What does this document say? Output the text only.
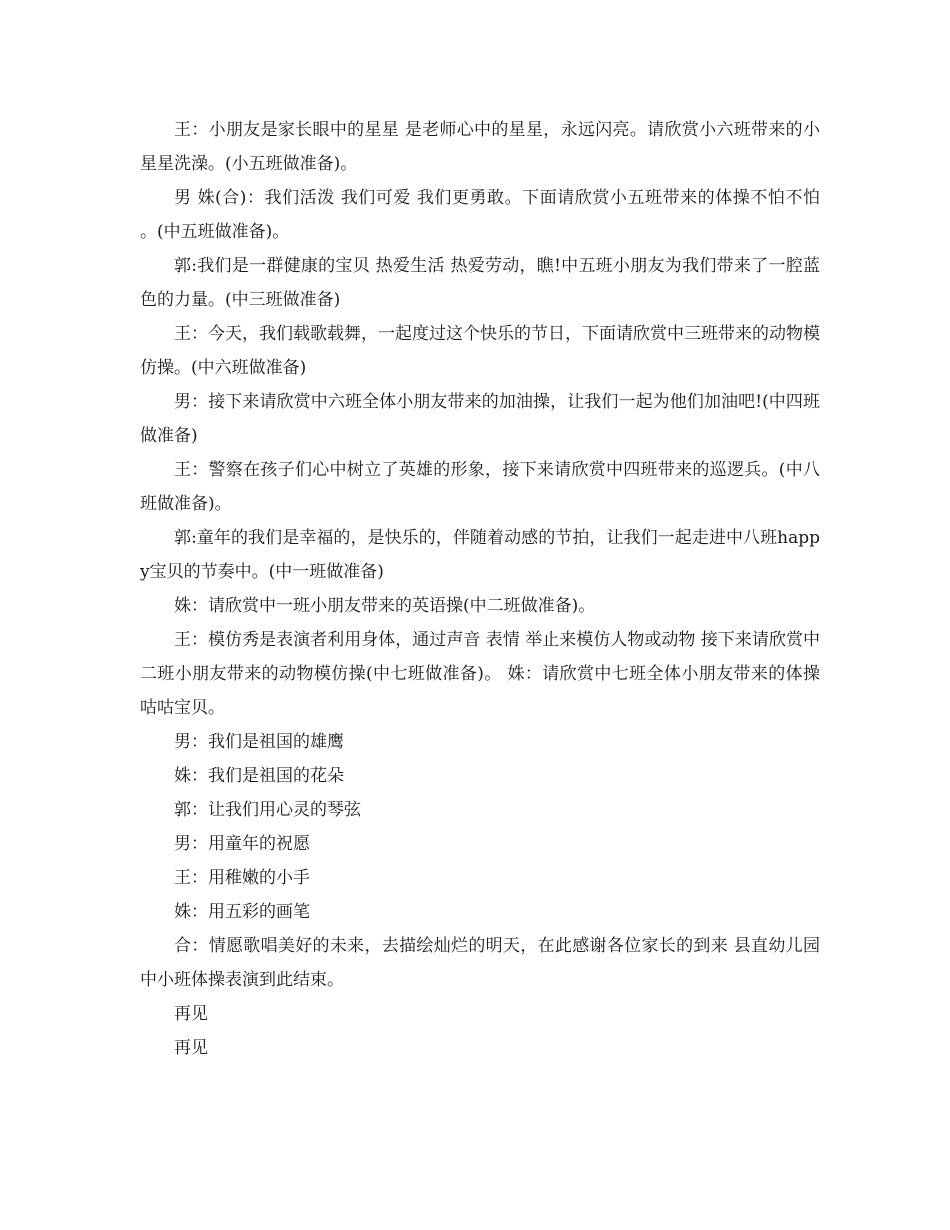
王：小朋友是家长眼中的星星 是老师心中的星星，永远闪亮。请欣赏小六班带来的小星星洗澡。(小五班做准备)。

男 姝(合)：我们活泼 我们可爱 我们更勇敢。下面请欣赏小五班带来的体操不怕不怕 。(中五班做准备)。

郭:我们是一群健康的宝贝 热爱生活 热爱劳动，瞧!中五班小朋友为我们带来了一腔蓝色的力量。(中三班做准备)

王：今天，我们载歌载舞，一起度过这个快乐的节日，下面请欣赏中三班带来的动物模仿操。(中六班做准备)

男：接下来请欣赏中六班全体小朋友带来的加油操，让我们一起为他们加油吧!(中四班做准备)

王：警察在孩子们心中树立了英雄的形象，接下来请欣赏中四班带来的巡逻兵。(中八班做准备)。

郭:童年的我们是幸福的，是快乐的，伴随着动感的节拍，让我们一起走进中八班happy宝贝的节奏中。(中一班做准备)

姝：请欣赏中一班小朋友带来的英语操(中二班做准备)。

王：模仿秀是表演者利用身体，通过声音 表情 举止来模仿人物或动物 接下来请欣赏中二班小朋友带来的动物模仿操(中七班做准备)。 姝：请欣赏中七班全体小朋友带来的体操咕咕宝贝。

男：我们是祖国的雄鹰

姝：我们是祖国的花朵

郭：让我们用心灵的琴弦

男：用童年的祝愿

王：用稚嫩的小手

姝：用五彩的画笔

合：情愿歌唱美好的未来，去描绘灿烂的明天，在此感谢各位家长的到来 县直幼儿园中小班体操表演到此结束。

再见

再见
